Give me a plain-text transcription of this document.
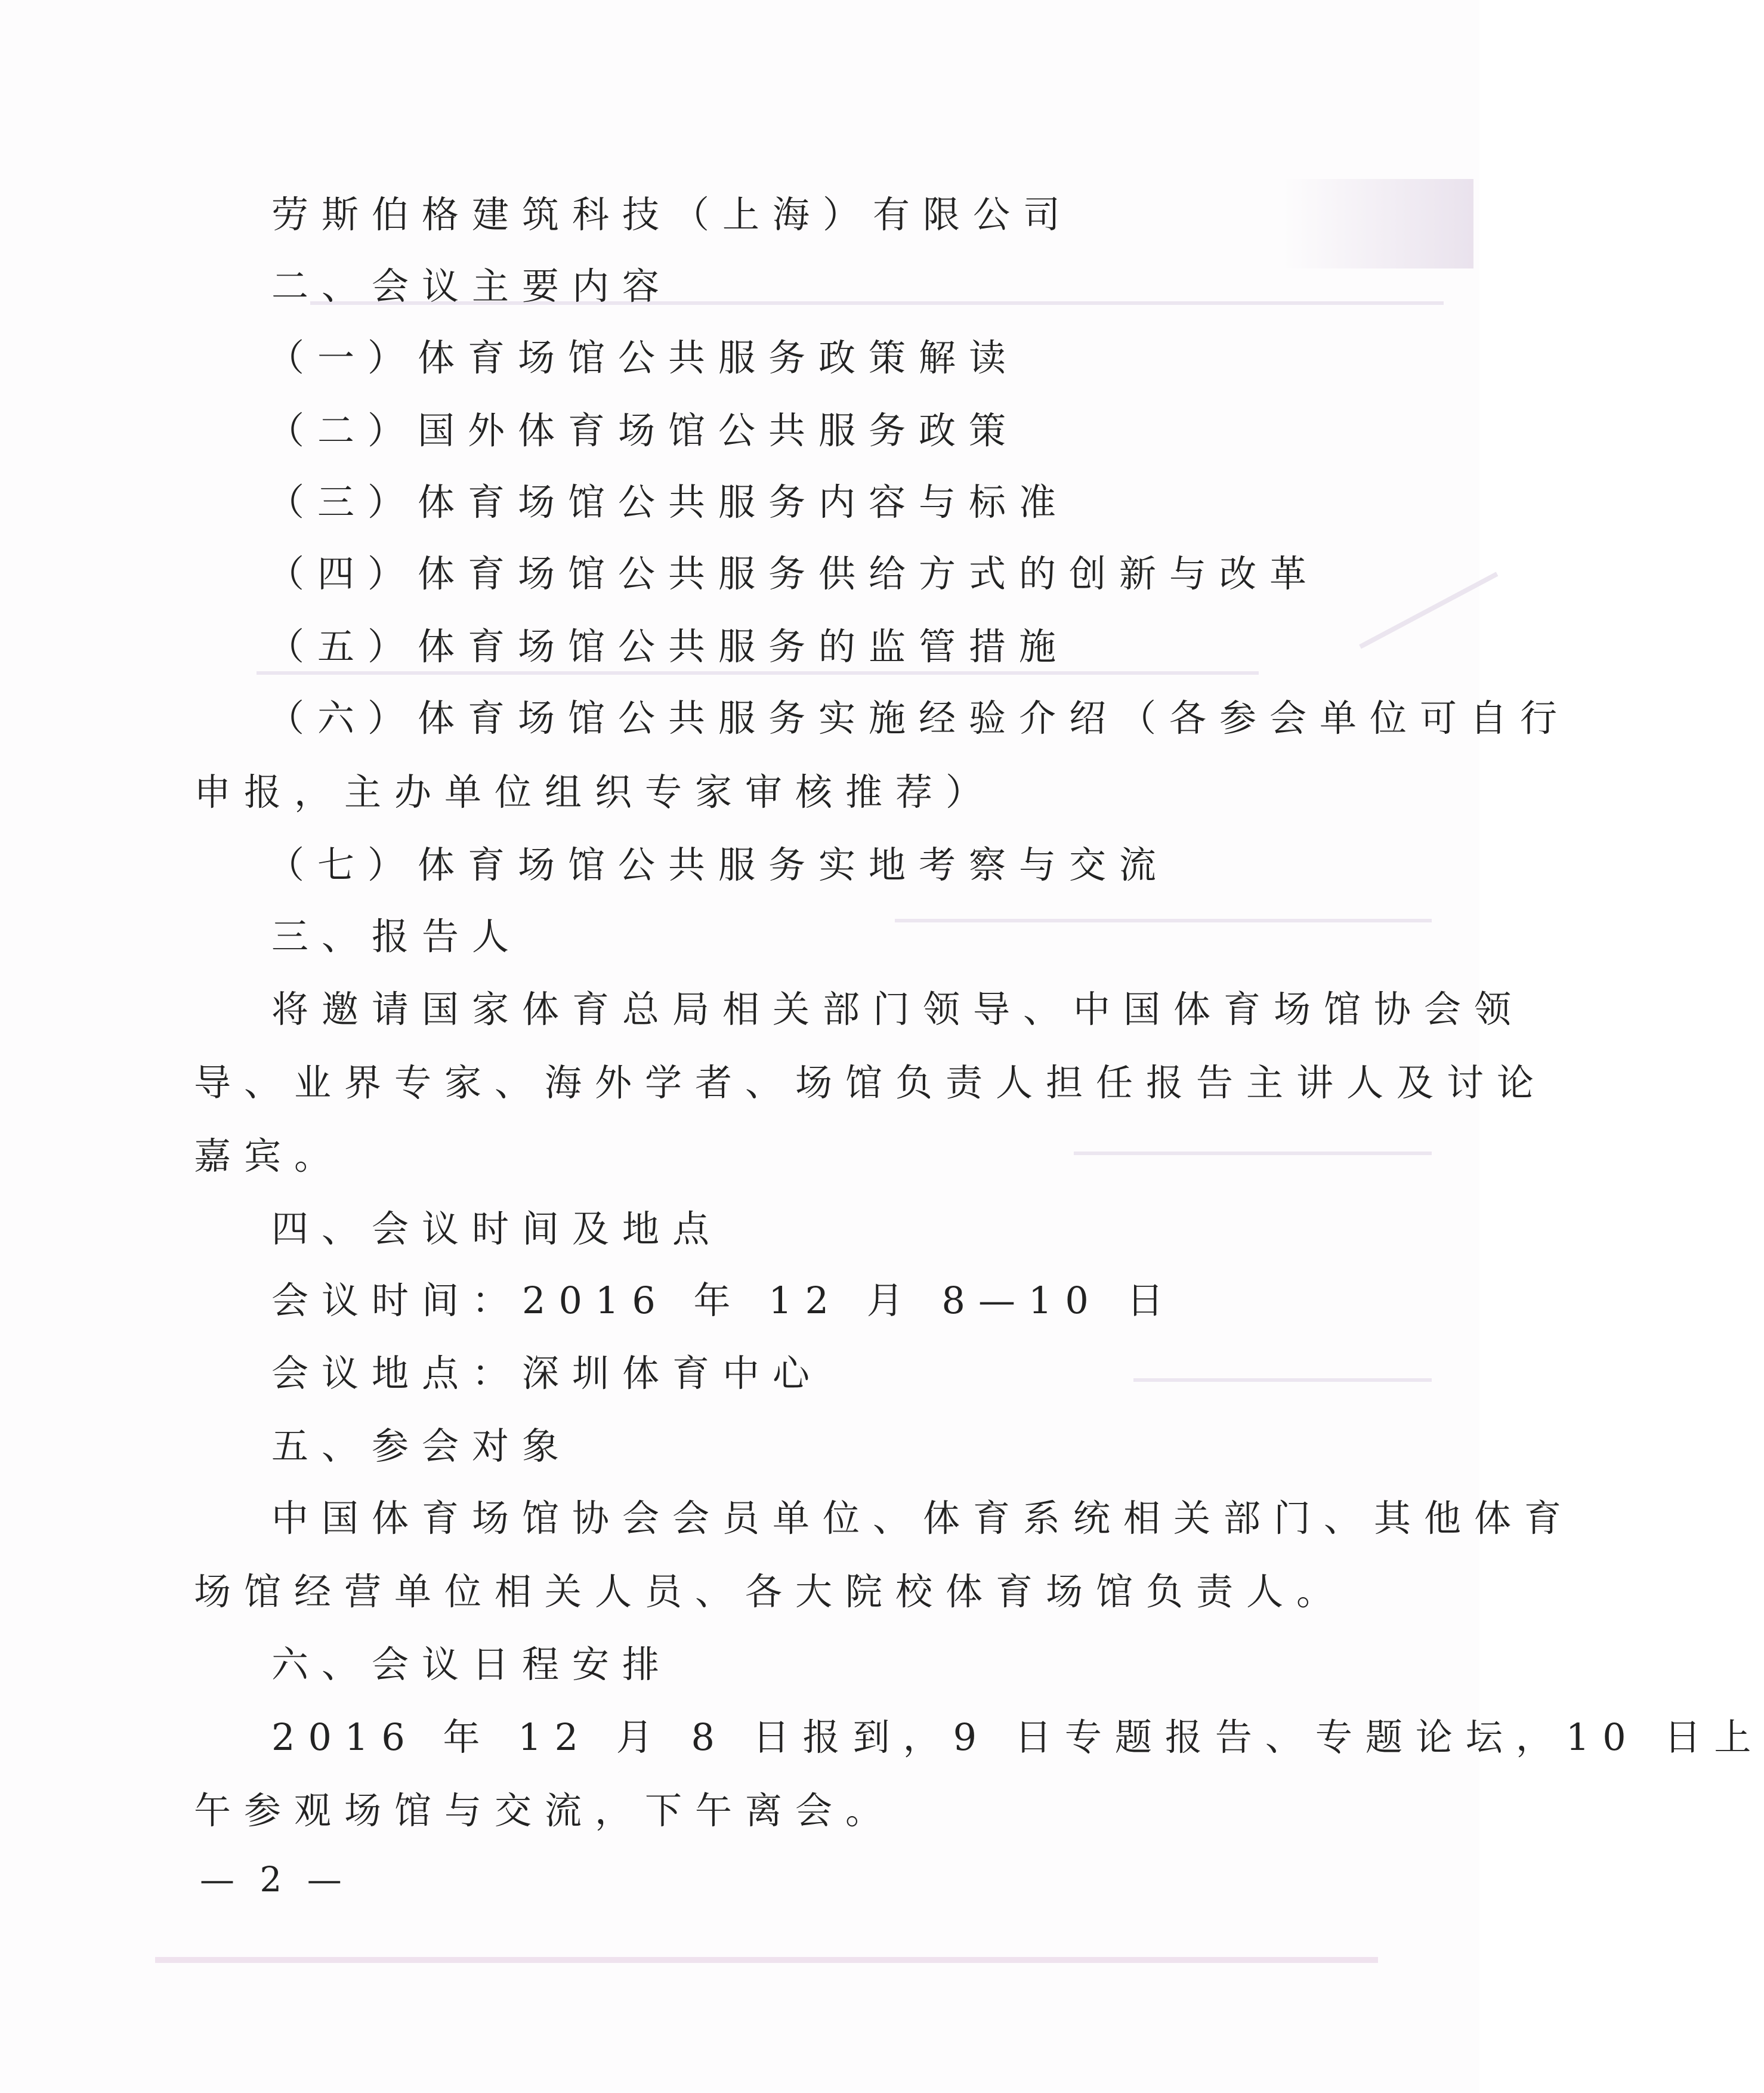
劳斯伯格建筑科技（上海）有限公司
二、会议主要内容
（一）体育场馆公共服务政策解读
（二）国外体育场馆公共服务政策
（三）体育场馆公共服务内容与标准
（四）体育场馆公共服务供给方式的创新与改革
（五）体育场馆公共服务的监管措施
（六）体育场馆公共服务实施经验介绍（各参会单位可自行
申报，主办单位组织专家审核推荐）
（七）体育场馆公共服务实地考察与交流
三、报告人
将邀请国家体育总局相关部门领导、中国体育场馆协会领
导、业界专家、海外学者、场馆负责人担任报告主讲人及讨论
嘉宾。
四、会议时间及地点
会议时间：2016 年 12 月 8—10 日
会议地点：深圳体育中心
五、参会对象
中国体育场馆协会会员单位、体育系统相关部门、其他体育
场馆经营单位相关人员、各大院校体育场馆负责人。
六、会议日程安排
2016 年 12 月 8 日报到，9 日专题报告、专题论坛，10 日上
午参观场馆与交流，下午离会。
— 2 —
